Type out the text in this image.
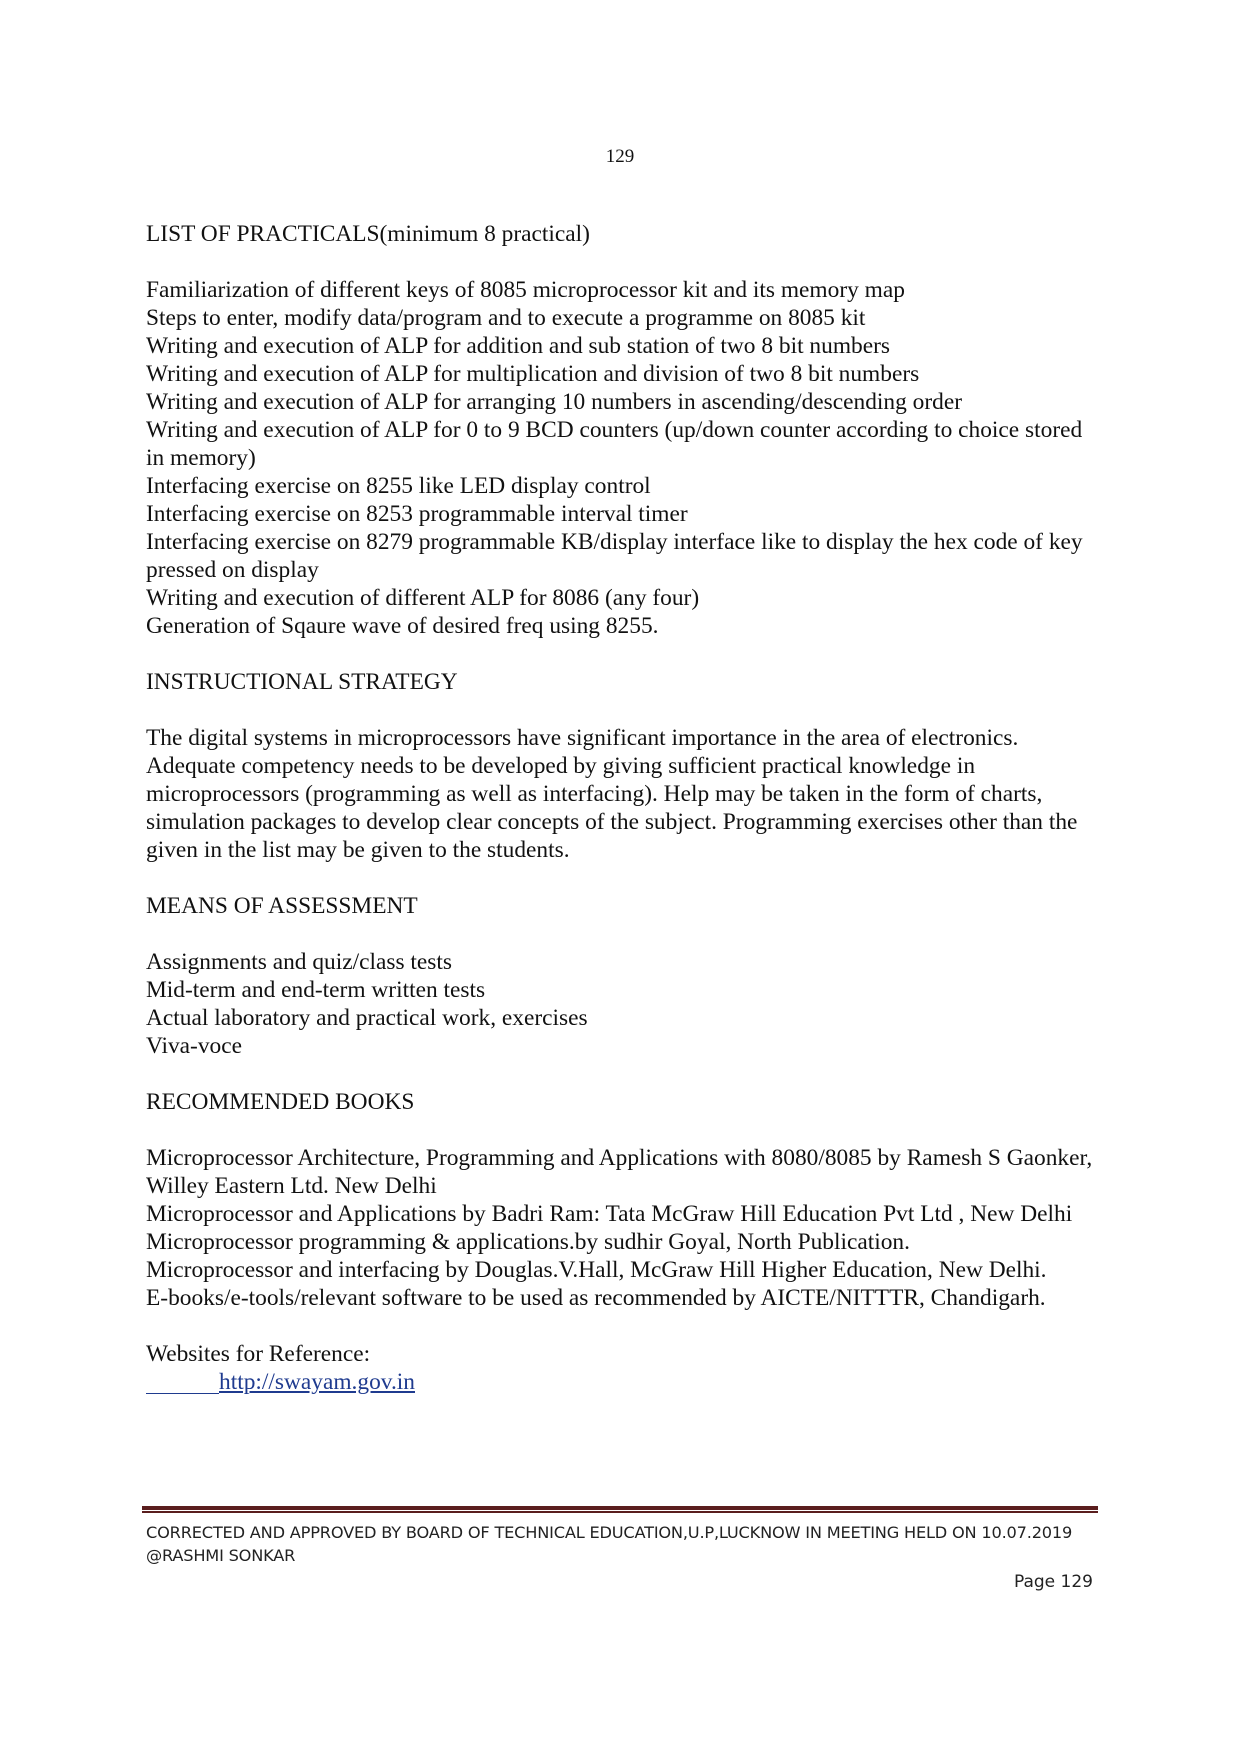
129

LIST OF PRACTICALS(minimum 8 practical)

Familiarization of different keys of 8085 microprocessor kit and its memory map

Steps to enter, modify data/program and to execute a programme on 8085 kit

Writing and execution of ALP for addition and sub station of two 8 bit numbers

Writing and execution of ALP for multiplication and division of two 8 bit numbers

Writing and execution of ALP for arranging 10 numbers in ascending/descending order

Writing and execution of ALP for 0 to 9 BCD counters (up/down counter according to choice stored in memory)

Interfacing exercise on 8255 like LED display control

Interfacing exercise on 8253 programmable interval timer

Interfacing exercise on 8279 programmable KB/display interface like to display the hex code of key pressed on display

Writing and execution of different ALP for 8086 (any four)

Generation of Sqaure wave of desired freq using 8255.

INSTRUCTIONAL STRATEGY

The digital systems in microprocessors have significant importance in the area of electronics. Adequate competency needs to be developed by giving sufficient practical knowledge in microprocessors (programming as well as interfacing). Help may be taken in the form of charts, simulation packages to develop clear concepts of the subject. Programming exercises other than the given in the list may be given to the students.

MEANS OF ASSESSMENT

Assignments and quiz/class tests

Mid-term and end-term written tests

Actual laboratory and practical work, exercises

Viva-voce

RECOMMENDED BOOKS

Microprocessor Architecture, Programming and Applications with 8080/8085 by Ramesh S Gaonker, Willey Eastern Ltd. New Delhi

Microprocessor and Applications by Badri Ram: Tata McGraw Hill Education Pvt Ltd , New Delhi

Microprocessor programming & applications.by sudhir Goyal, North Publication.

Microprocessor and interfacing by Douglas.V.Hall, McGraw Hill Higher Education, New Delhi.

E-books/e-tools/relevant software to be used as recommended by AICTE/NITTTR, Chandigarh.

Websites for Reference:

http://swayam.gov.in

CORRECTED AND APPROVED BY BOARD OF TECHNICAL EDUCATION,U.P,LUCKNOW IN MEETING HELD ON 10.07.2019 @RASHMI SONKAR
Page 129
